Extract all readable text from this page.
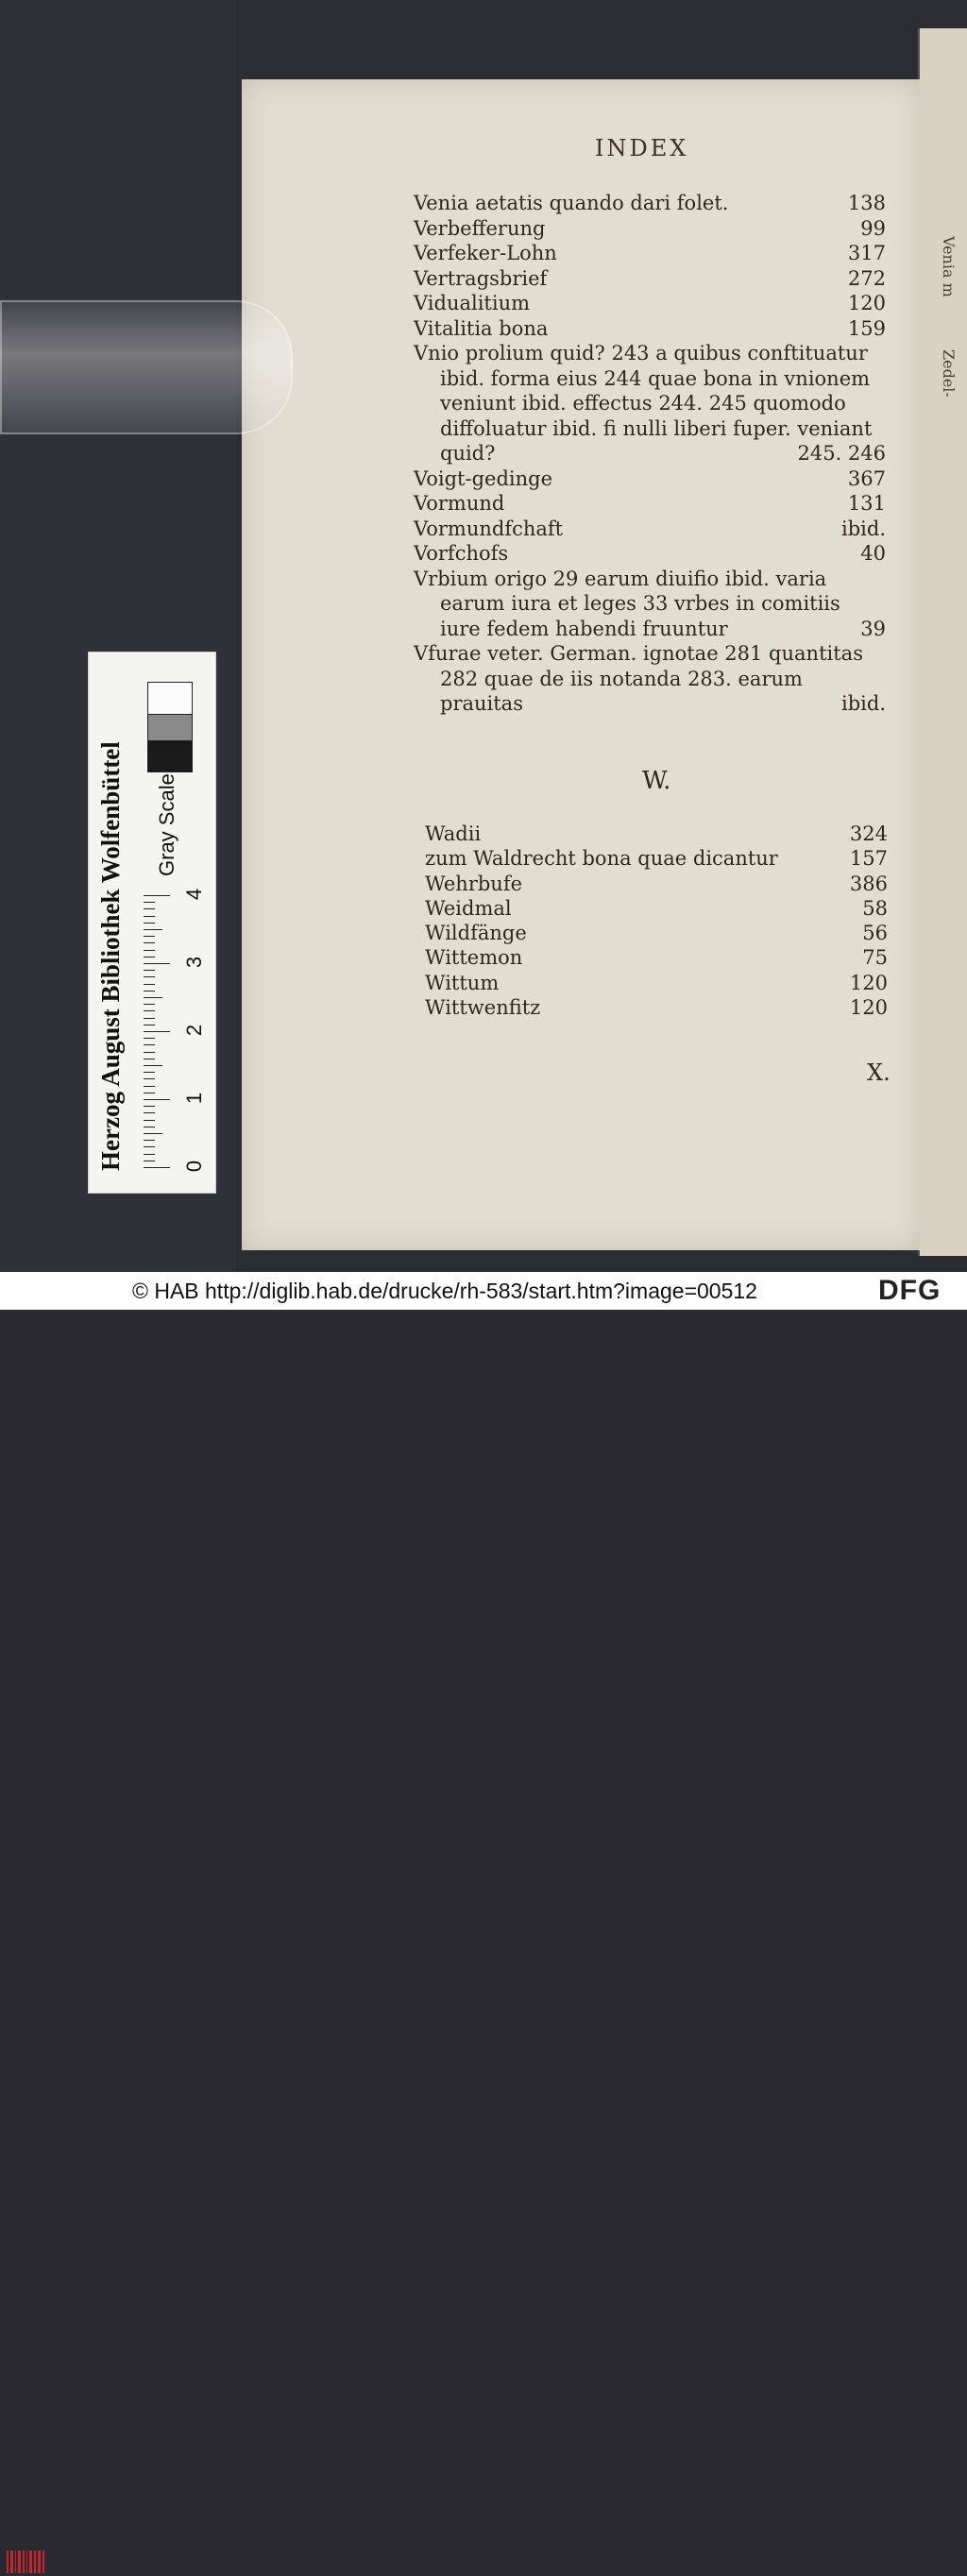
Venia m
Zedel-
INDEX
Venia aetatis quando dari folet.	138
Verbefferung	99
Verfeker-Lohn	317
Vertragsbrief	272
Vidualitium	120
Vitalitia bona	159
Vnio prolium quid? 243 a quibus conftituatur ibid. forma eius 244 quae bona in vnionem veniunt ibid. effectus 244. 245 quomodo diffoluatur ibid. fi nulli liberi fuper. veniant quid?	245. 246
Voigt-gedinge	367
Vormund	131
Vormundfchaft	ibid.
Vorfchofs	40
Vrbium origo 29 earum diuifio ibid. varia earum iura et leges 33 vrbes in comitiis iure fedem habendi fruuntur	39
Vfurae veter. German. ignotae 281 quantitas 282 quae de iis notanda 283. earum prauitas	ibid.
W.
Wadii	324
zum Waldrecht bona quae dicantur	157
Wehrbufe	386
Weidmal	58
Wildfänge	56
Wittemon	75
Wittum	120
Wittwenfitz	120
X.
Herzog August Bibliothek Wolfenbüttel Gray Scale
0
1
2
3
4
© HAB http://diglib.hab.de/drucke/rh-583/start.htm?image=00512	DFG
